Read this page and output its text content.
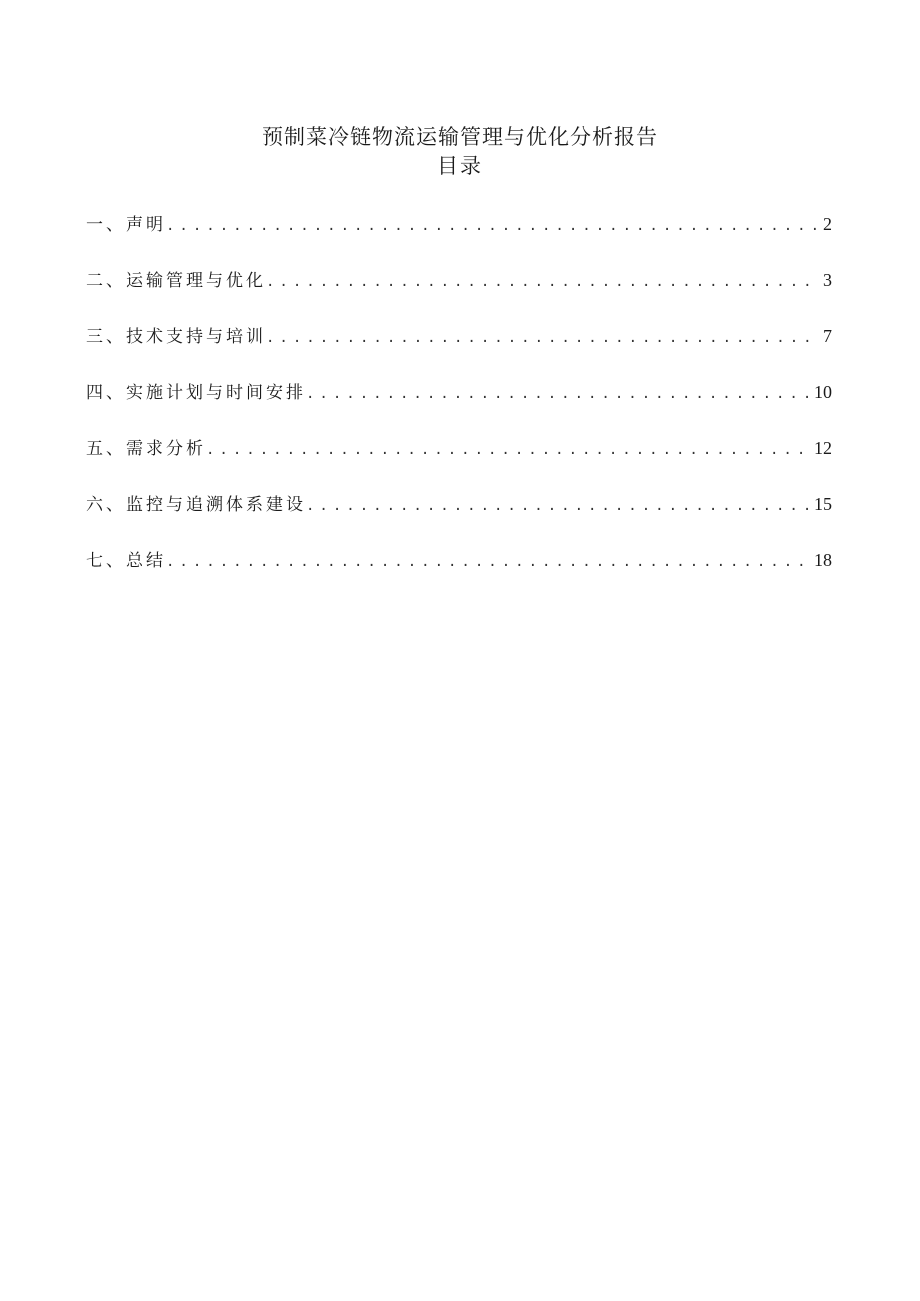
预制菜冷链物流运输管理与优化分析报告
目录
一、声明 .....	2
二、运输管理与优化 .....	3
三、技术支持与培训 .....	7
四、实施计划与时间安排 .....	10
五、需求分析 .....	12
六、监控与追溯体系建设 .....	15
七、总结 .....	18
